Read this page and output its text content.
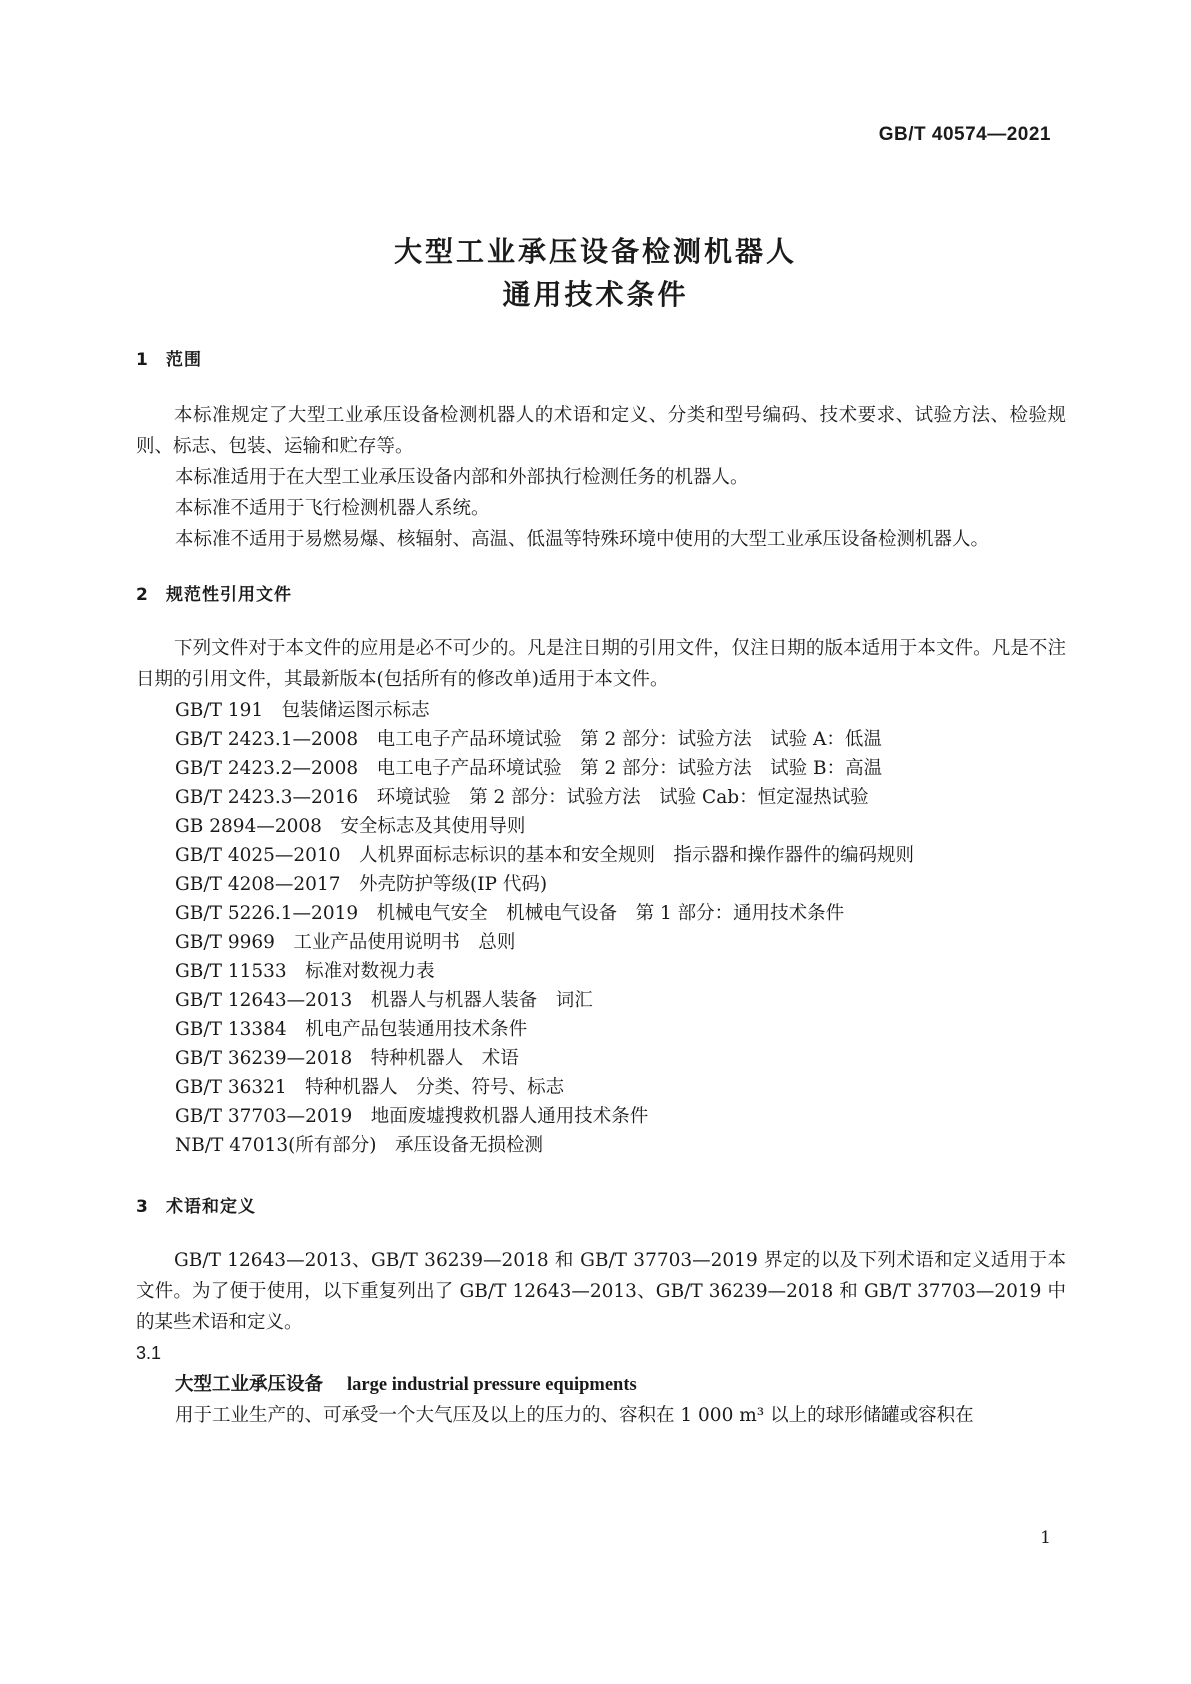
GB/T 40574—2021
大型工业承压设备检测机器人
通用技术条件
1 范围
本标准规定了大型工业承压设备检测机器人的术语和定义、分类和型号编码、技术要求、试验方法、检验规则、标志、包装、运输和贮存等。
本标准适用于在大型工业承压设备内部和外部执行检测任务的机器人。
本标准不适用于飞行检测机器人系统。
本标准不适用于易燃易爆、核辐射、高温、低温等特殊环境中使用的大型工业承压设备检测机器人。
2 规范性引用文件
下列文件对于本文件的应用是必不可少的。凡是注日期的引用文件，仅注日期的版本适用于本文件。凡是不注日期的引用文件，其最新版本(包括所有的修改单)适用于本文件。
GB/T 191　包装储运图示标志
GB/T 2423.1—2008　电工电子产品环境试验　第 2 部分：试验方法　试验 A：低温
GB/T 2423.2—2008　电工电子产品环境试验　第 2 部分：试验方法　试验 B：高温
GB/T 2423.3—2016　环境试验　第 2 部分：试验方法　试验 Cab：恒定湿热试验
GB 2894—2008　安全标志及其使用导则
GB/T 4025—2010　人机界面标志标识的基本和安全规则　指示器和操作器件的编码规则
GB/T 4208—2017　外壳防护等级(IP 代码)
GB/T 5226.1—2019　机械电气安全　机械电气设备　第 1 部分：通用技术条件
GB/T 9969　工业产品使用说明书　总则
GB/T 11533　标准对数视力表
GB/T 12643—2013　机器人与机器人装备　词汇
GB/T 13384　机电产品包装通用技术条件
GB/T 36239—2018　特种机器人　术语
GB/T 36321　特种机器人　分类、符号、标志
GB/T 37703—2019　地面废墟搜救机器人通用技术条件
NB/T 47013(所有部分)　承压设备无损检测
3 术语和定义
GB/T 12643—2013、GB/T 36239—2018 和 GB/T 37703—2019 界定的以及下列术语和定义适用于本文件。为了便于使用，以下重复列出了 GB/T 12643—2013、GB/T 36239—2018 和 GB/T 37703—2019 中的某些术语和定义。
3.1
大型工业承压设备 large industrial pressure equipments
用于工业生产的、可承受一个大气压及以上的压力的、容积在 1 000 m³ 以上的球形储罐或容积在
1
